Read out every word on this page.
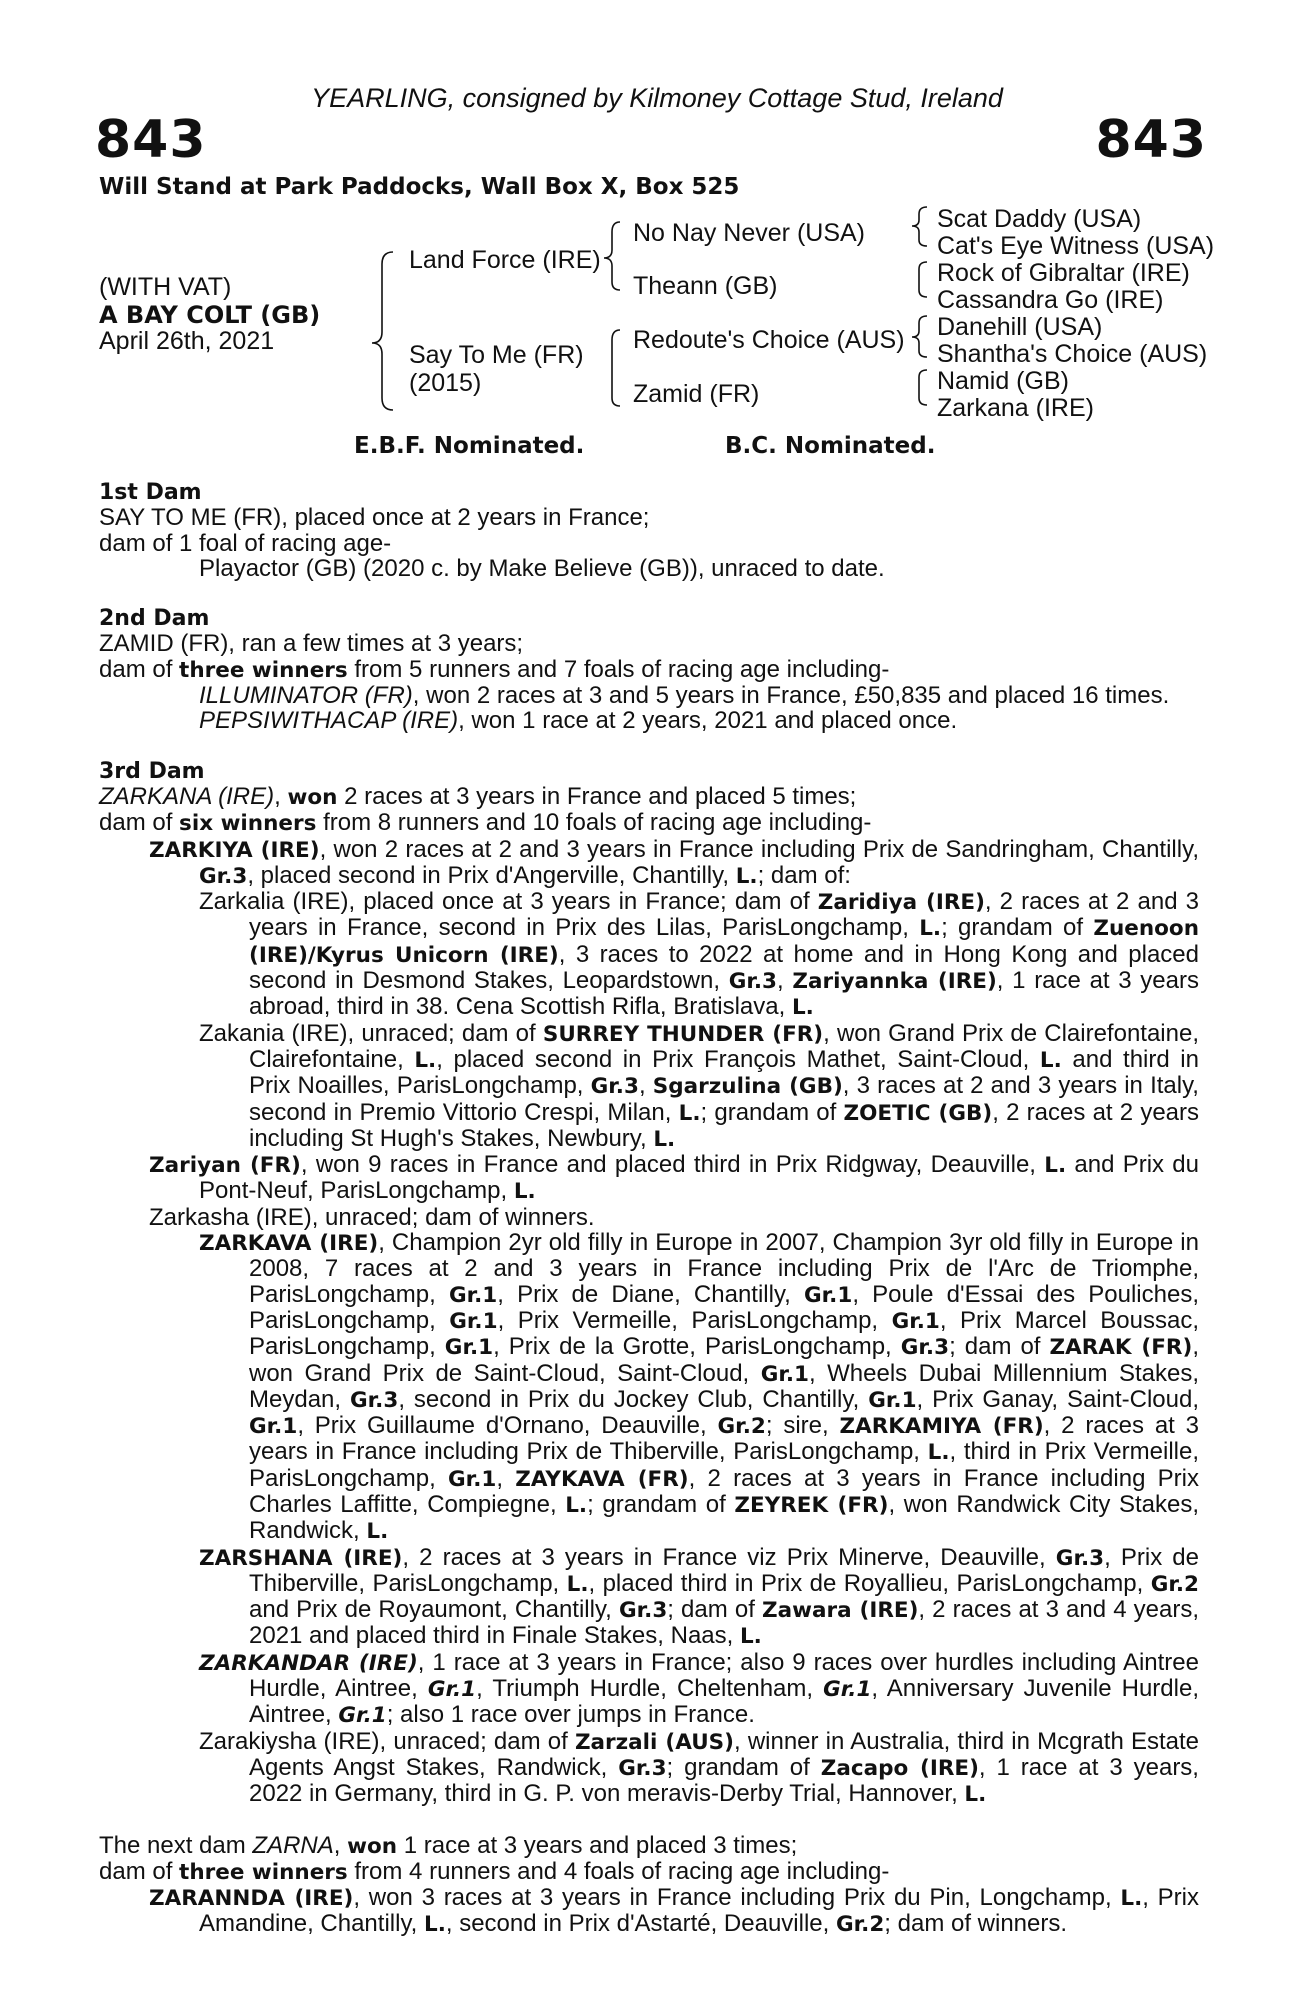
YEARLING, consigned by Kilmoney Cottage Stud, Ireland
843	843
Will Stand at Park Paddocks, Wall Box X, Box 525
(WITH VAT)
A BAY COLT (GB)
April 26th, 2021
Land Force (IRE)
Say To Me (FR)
(2015)
No Nay Never (USA)
Theann (GB)
Redoute's Choice (AUS)
Zamid (FR)
Scat Daddy (USA)
Cat's Eye Witness (USA)
Rock of Gibraltar (IRE)
Cassandra Go (IRE)
Danehill (USA)
Shantha's Choice (AUS)
Namid (GB)
Zarkana (IRE)
E.B.F. Nominated.	B.C. Nominated.
1st Dam
SAY TO ME (FR), placed once at 2 years in France;
dam of 1 foal of racing age-
Playactor (GB) (2020 c. by Make Believe (GB)), unraced to date.
2nd Dam
ZAMID (FR), ran a few times at 3 years;
dam of three winners from 5 runners and 7 foals of racing age including-
ILLUMINATOR (FR), won 2 races at 3 and 5 years in France, £50,835 and placed 16 times.
PEPSIWITHACAP (IRE), won 1 race at 2 years, 2021 and placed once.
3rd Dam
ZARKANA (IRE), won 2 races at 3 years in France and placed 5 times;
dam of six winners from 8 runners and 10 foals of racing age including-
ZARKIYA (IRE), won 2 races at 2 and 3 years in France including Prix de Sandringham, Chantilly, Gr.3, placed second in Prix d'Angerville, Chantilly, L.; dam of:
Zarkalia (IRE), placed once at 3 years in France; dam of Zaridiya (IRE), 2 races at 2 and 3 years in France, second in Prix des Lilas, ParisLongchamp, L.; grandam of Zuenoon (IRE)/Kyrus Unicorn (IRE), 3 races to 2022 at home and in Hong Kong and placed second in Desmond Stakes, Leopardstown, Gr.3, Zariyannka (IRE), 1 race at 3 years abroad, third in 38. Cena Scottish Rifla, Bratislava, L.
Zakania (IRE), unraced; dam of SURREY THUNDER (FR), won Grand Prix de Clairefontaine, Clairefontaine, L., placed second in Prix François Mathet, Saint-Cloud, L. and third in Prix Noailles, ParisLongchamp, Gr.3, Sgarzulina (GB), 3 races at 2 and 3 years in Italy, second in Premio Vittorio Crespi, Milan, L.; grandam of ZOETIC (GB), 2 races at 2 years including St Hugh's Stakes, Newbury, L.
Zariyan (FR), won 9 races in France and placed third in Prix Ridgway, Deauville, L. and Prix du Pont-Neuf, ParisLongchamp, L.
Zarkasha (IRE), unraced; dam of winners.
ZARKAVA (IRE), Champion 2yr old filly in Europe in 2007, Champion 3yr old filly in Europe in 2008, 7 races at 2 and 3 years in France including Prix de l'Arc de Triomphe, ParisLongchamp, Gr.1, Prix de Diane, Chantilly, Gr.1, Poule d'Essai des Pouliches, ParisLongchamp, Gr.1, Prix Vermeille, ParisLongchamp, Gr.1, Prix Marcel Boussac, ParisLongchamp, Gr.1, Prix de la Grotte, ParisLongchamp, Gr.3; dam of ZARAK (FR), won Grand Prix de Saint-Cloud, Saint-Cloud, Gr.1, Wheels Dubai Millennium Stakes, Meydan, Gr.3, second in Prix du Jockey Club, Chantilly, Gr.1, Prix Ganay, Saint-Cloud, Gr.1, Prix Guillaume d'Ornano, Deauville, Gr.2; sire, ZARKAMIYA (FR), 2 races at 3 years in France including Prix de Thiberville, ParisLongchamp, L., third in Prix Vermeille, ParisLongchamp, Gr.1, ZAYKAVA (FR), 2 races at 3 years in France including Prix Charles Laffitte, Compiegne, L.; grandam of ZEYREK (FR), won Randwick City Stakes, Randwick, L.
ZARSHANA (IRE), 2 races at 3 years in France viz Prix Minerve, Deauville, Gr.3, Prix de Thiberville, ParisLongchamp, L., placed third in Prix de Royallieu, ParisLongchamp, Gr.2 and Prix de Royaumont, Chantilly, Gr.3; dam of Zawara (IRE), 2 races at 3 and 4 years, 2021 and placed third in Finale Stakes, Naas, L.
ZARKANDAR (IRE), 1 race at 3 years in France; also 9 races over hurdles including Aintree Hurdle, Aintree, Gr.1, Triumph Hurdle, Cheltenham, Gr.1, Anniversary Juvenile Hurdle, Aintree, Gr.1; also 1 race over jumps in France.
Zarakiysha (IRE), unraced; dam of Zarzali (AUS), winner in Australia, third in Mcgrath Estate Agents Angst Stakes, Randwick, Gr.3; grandam of Zacapo (IRE), 1 race at 3 years, 2022 in Germany, third in G. P. von meravis-Derby Trial, Hannover, L.
The next dam ZARNA, won 1 race at 3 years and placed 3 times;
dam of three winners from 4 runners and 4 foals of racing age including-
ZARANNDA (IRE), won 3 races at 3 years in France including Prix du Pin, Longchamp, L., Prix Amandine, Chantilly, L., second in Prix d'Astarté, Deauville, Gr.2; dam of winners.
